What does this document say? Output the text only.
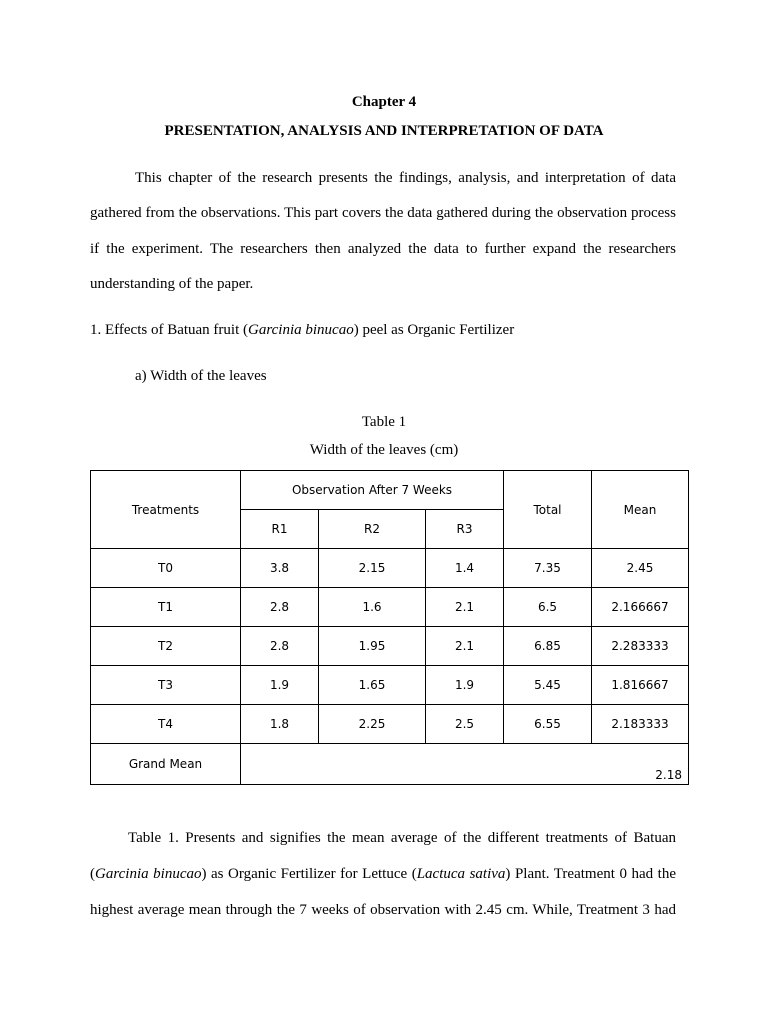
Chapter 4
PRESENTATION, ANALYSIS AND INTERPRETATION OF DATA
This chapter of the research presents the findings, analysis, and interpretation of data
gathered from the observations. This part covers the data gathered during the observation process
if the experiment. The researchers then analyzed the data to further expand the researchers
understanding of the paper.
1. Effects of Batuan fruit (Garcinia binucao) peel as Organic Fertilizer
a) Width of the leaves
Table 1
Width of the leaves (cm)
Treatments	Observation After 7 Weeks			Total	Mean
	R1	R2	R3		
T0	3.8	2.15	1.4	7.35	2.45
T1	2.8	1.6	2.1	6.5	2.166667
T2	2.8	1.95	2.1	6.85	2.283333
T3	1.9	1.65	1.9	5.45	1.816667
T4	1.8	2.25	2.5	6.55	2.183333
Grand Mean	2.18				
Table 1. Presents and signifies the mean average of the different treatments of Batuan
(Garcinia binucao) as Organic Fertilizer for Lettuce (Lactuca sativa) Plant. Treatment 0 had the
highest average mean through the 7 weeks of observation with 2.45 cm. While, Treatment 3 had
